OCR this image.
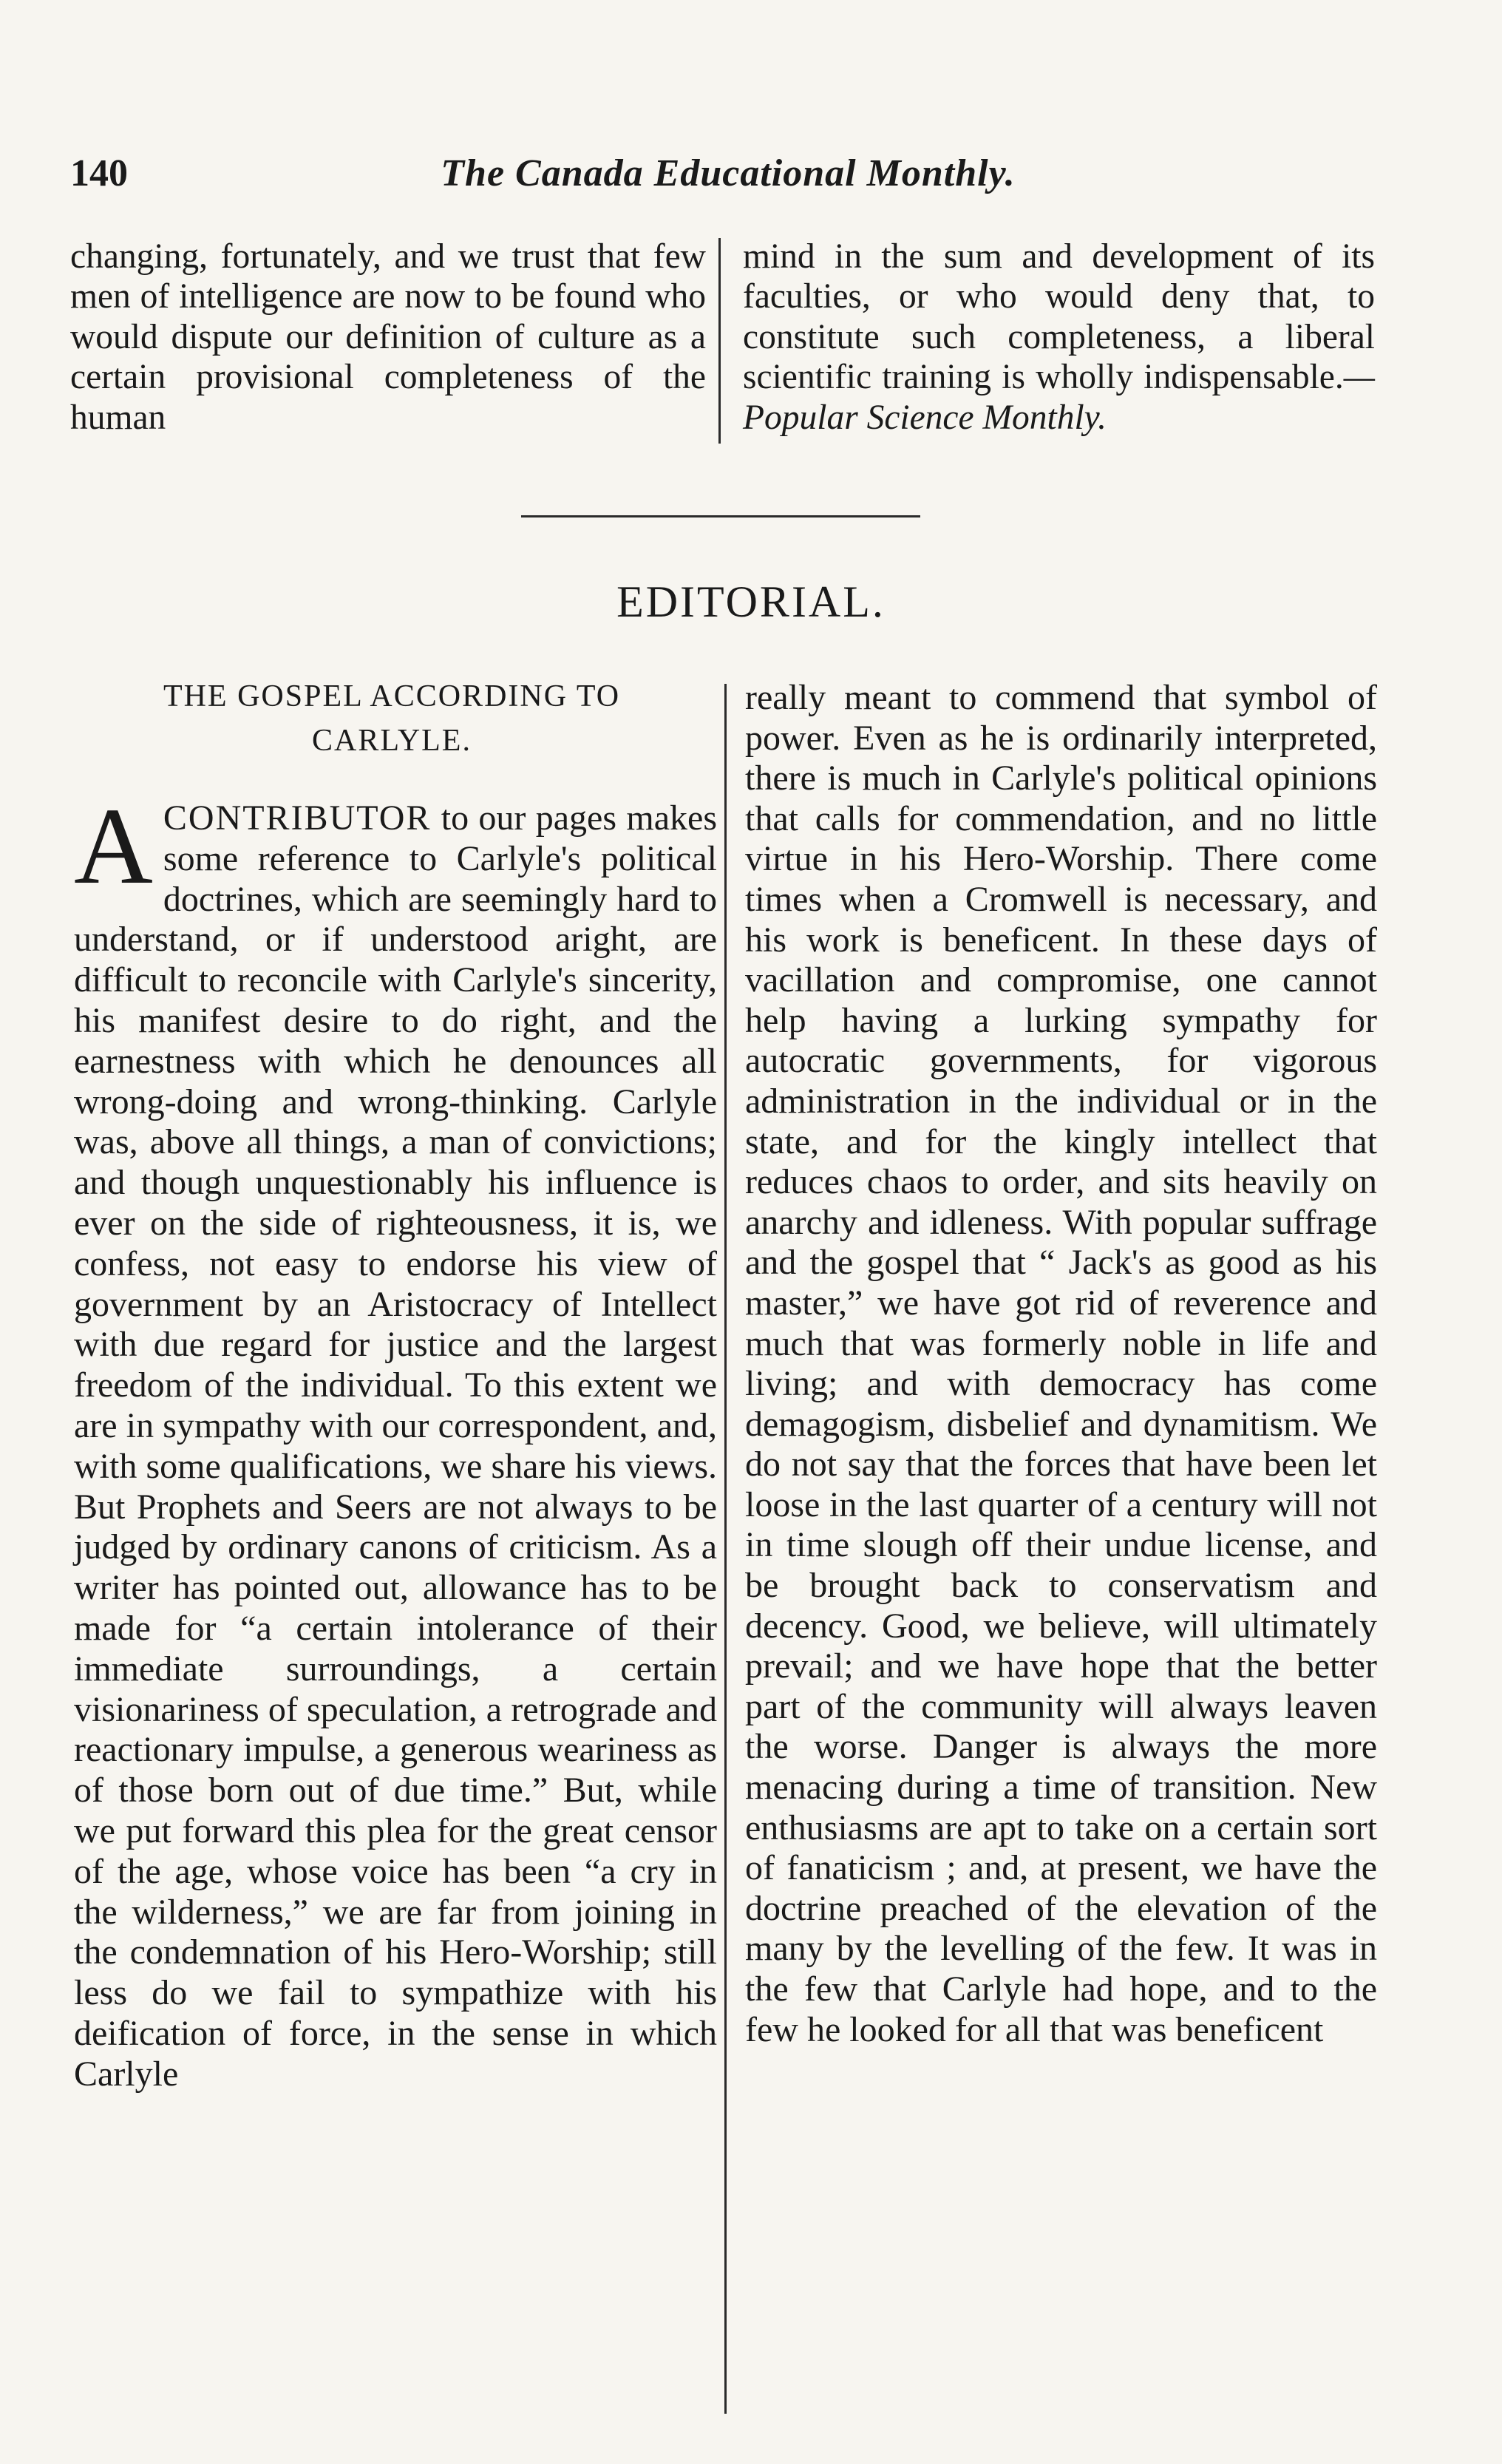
140	The Canada Educational Monthly.

changing, fortunately, and we trust that few men of intelligence are now to be found who would dispute our definition of culture as a certain provisional completeness of the human

mind in the sum and development of its faculties, or who would deny that, to constitute such completeness, a liberal scientific training is wholly indispensable.—Popular Science Monthly.

EDITORIAL.
THE GOSPEL ACCORDING TO
CARLYLE.

ACONTRIBUTOR to our pages makes some reference to Carlyle's political doctrines, which are seemingly hard to understand, or if understood aright, are difficult to reconcile with Carlyle's sincerity, his manifest desire to do right, and the earnestness with which he denounces all wrong-doing and wrong-thinking. Carlyle was, above all things, a man of convictions; and though unquestionably his influence is ever on the side of righteousness, it is, we confess, not easy to endorse his view of government by an Aristocracy of Intellect with due regard for justice and the largest freedom of the individual. To this extent we are in sympathy with our correspondent, and, with some qualifications, we share his views. But Prophets and Seers are not always to be judged by ordinary canons of criticism. As a writer has pointed out, allowance has to be made for “a certain intolerance of their immediate surroundings, a certain visionariness of speculation, a retrograde and reactionary impulse, a generous weariness as of those born out of due time.” But, while we put forward this plea for the great censor of the age, whose voice has been “a cry in the wilderness,” we are far from joining in the condemnation of his Hero-Worship; still less do we fail to sympathize with his deification of force, in the sense in which Carlyle

really meant to commend that symbol of power. Even as he is ordinarily interpreted, there is much in Carlyle's political opinions that calls for commendation, and no little virtue in his Hero-Worship. There come times when a Cromwell is necessary, and his work is beneficent. In these days of vacillation and compromise, one cannot help having a lurking sympathy for autocratic governments, for vigorous administration in the individual or in the state, and for the kingly intellect that reduces chaos to order, and sits heavily on anarchy and idleness. With popular suffrage and the gospel that “ Jack's as good as his master,” we have got rid of reverence and much that was formerly noble in life and living; and with democracy has come demagogism, disbelief and dynamitism. We do not say that the forces that have been let loose in the last quarter of a century will not in time slough off their undue license, and be brought back to conservatism and decency. Good, we believe, will ultimately prevail; and we have hope that the better part of the community will always leaven the worse. Danger is always the more menacing during a time of transition. New enthusiasms are apt to take on a certain sort of fanaticism ; and, at present, we have the doctrine preached of the elevation of the many by the levelling of the few. It was in the few that Carlyle had hope, and to the few he looked for all that was beneficent
